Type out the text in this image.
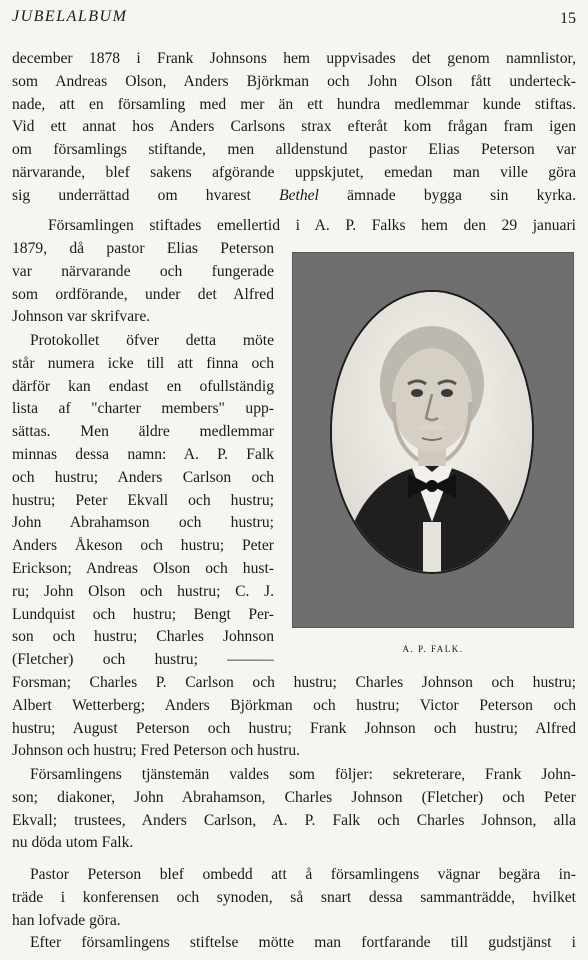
JUBELALBUM	15
december 1878 i Frank Johnsons hem uppvisades det genom namnlistor,
som Andreas Olson, Anders Björkman och John Olson fått underteck-
nade, att en församling med mer än ett hundra medlemmar kunde stiftas.
Vid ett annat hos Anders Carlsons strax efteråt kom frågan fram igen
om församlings stiftande, men alldenstund pastor Elias Peterson var
närvarande, blef sakens afgörande uppskjutet, emedan man ville göra
sig underrättad om hvarest Bethel ämnade bygga sin kyrka.
Församlingen stiftades emellertid i A. P. Falks hem den 29 januari
1879, då pastor Elias Peterson
var närvarande och fungerade
som ordförande, under det Alfred
Johnson var skrifvare.
Protokollet öfver detta möte
står numera icke till att finna och
därför kan endast en ofullständig
lista af "charter members" upp-
sättas. Men äldre medlemmar
minnas dessa namn: A. P. Falk
och hustru; Anders Carlson och
hustru; Peter Ekvall och hustru;
John Abrahamson och hustru;
Anders Åkeson och hustru; Peter
Erickson; Andreas Olson och hust-
ru; John Olson och hustru; C. J.
Lundquist och hustru; Bengt Per-
son och hustru; Charles Johnson
(Fletcher) och hustru; ———
Forsman; Charles P. Carlson och hustru; Charles Johnson och hustru;
Albert Wetterberg; Anders Björkman och hustru; Victor Peterson och
hustru; August Peterson och hustru; Frank Johnson och hustru; Alfred
Johnson och hustru; Fred Peterson och hustru.
Församlingens tjänstemän valdes som följer: sekreterare, Frank John-
son; diakoner, John Abrahamson, Charles Johnson (Fletcher) och Peter
Ekvall; trustees, Anders Carlson, A. P. Falk och Charles Johnson, alla
nu döda utom Falk.
Pastor Peterson blef ombedd att å församlingens vägnar begära in-
träde i konferensen och synoden, så snart dessa sammanträdde, hvilket
han lofvade göra.
Efter församlingens stiftelse mötte man fortfarande till gudstjänst i
A. P. FALK.
